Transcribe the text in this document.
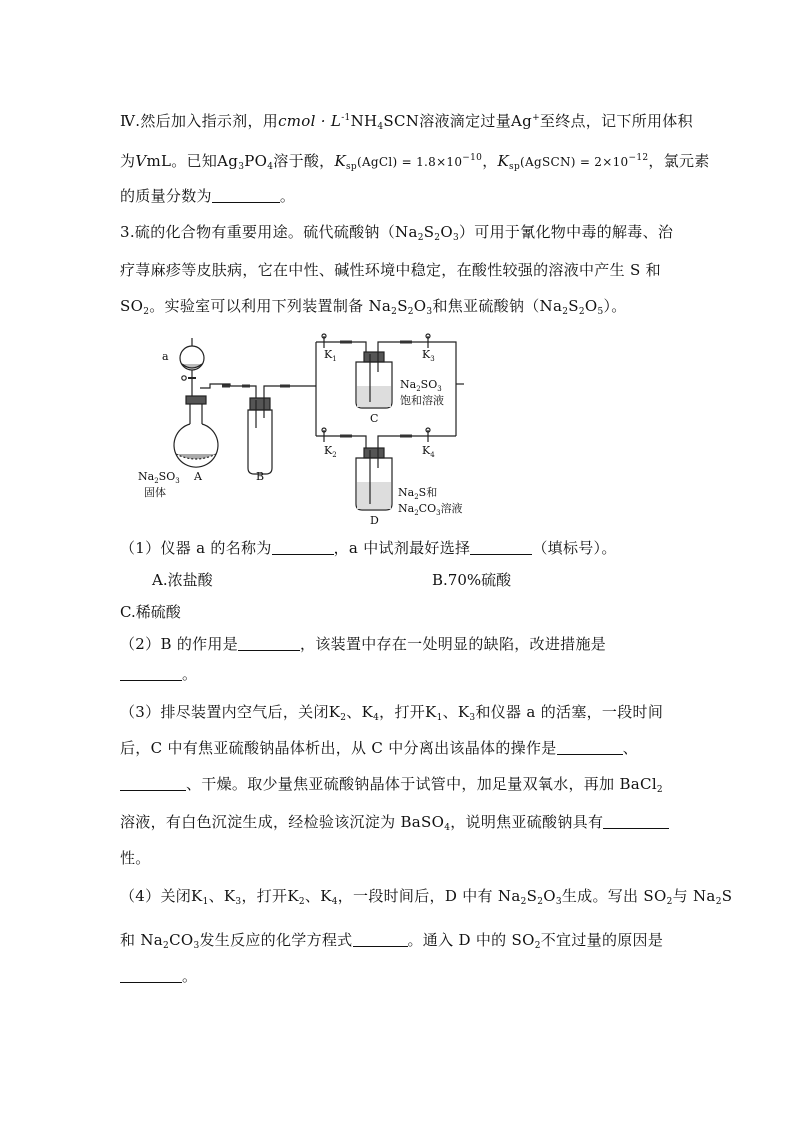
Ⅳ.然后加入指示剂，用cmol · $L^{-1}NH_4SCN$溶液滴定过量Ag+至终点，记下所用体积
为VmL。已知$Ag_3PO_4$溶于酸，$K_{sp}(AgCl) = 1.8\times 10^{-10}$，$K_{sp}(AgSCN) = 2\times 10^{-12}$，氯元素
的质量分数为	。
3.硫的化合物有重要用途。硫代硫酸钠$(Na_2S_2O_3)$可用于氰化物中毒的解毒、治
疗荨麻疹等皮肤病，它在中性、碱性环境中稳定，在酸性较强的溶液中产生 S 和
$SO_2$。实验室可以利用下列装置制备 $Na_2S_2O_3$和焦亚硫酸钠$(Na_2S_2O_5)$。
a	$K_1$	$K_3$
$K_2$	$K_4$
$Na_2SO_3$ A
固体
B
$Na_2SO_3$
饱和溶液
C
$Na_2S$和
$Na_2CO_3$溶液
D
（1）仪器 a 的名称为	，a 中试剂最好选择	（填标号）。
A.浓盐酸	B.70%硫酸
C.稀硫酸
（2）B 的作用是	，该装置中存在一处明显的缺陷，改进措施是
。
（3）排尽装置内空气后，关闭$K_2$、$K_4$，打开$K_1$、$K_3$和仪器 a 的活塞，一段时间
后，C 中有焦亚硫酸钠晶体析出，从 C 中分离出该晶体的操作是	、
、干燥。取少量焦亚硫酸钠晶体于试管中，加足量双氧水，再加 BaCl$_2$
溶液，有白色沉淀生成，经检验该沉淀为 BaSO$_4$，说明焦亚硫酸钠具有
性。
（4）关闭$K_1$、$K_3$，打开$K_2$、$K_4$，一段时间后，D 中有 $Na_2S_2O_3$生成。写出 $SO_2$与 $Na_2S$
和 $Na_2CO_3$发生反应的化学方程式	。通入 D 中的 $SO_2$不宜过量的原因是
。
